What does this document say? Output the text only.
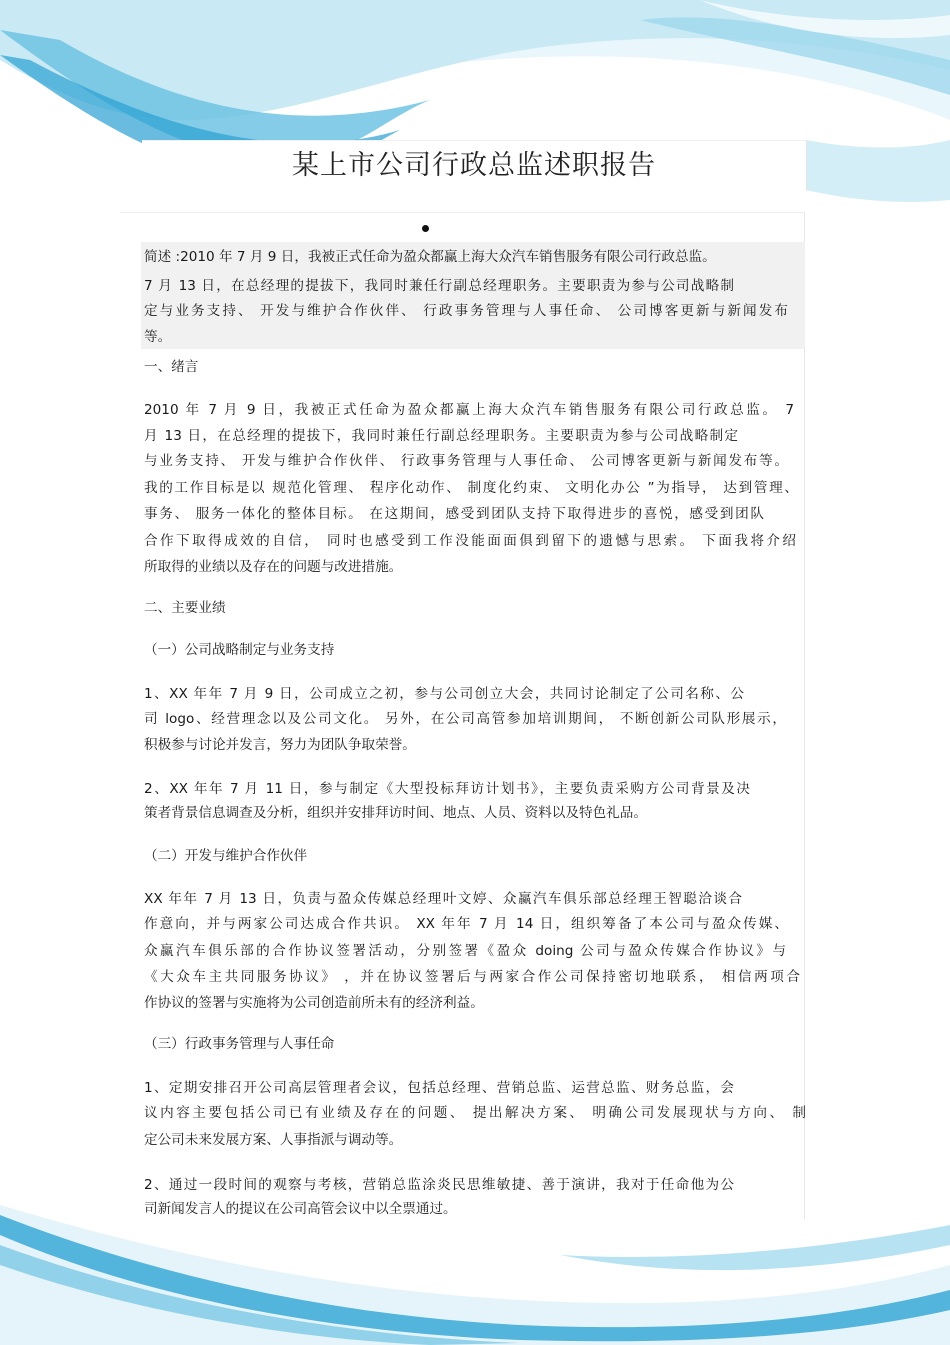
某上市公司行政总监述职报告
简述 :2010 年 7 月 9 日，我被正式任命为盈众都赢上海大众汽车销售服务有限公司行政总监。
7 月 13 日，在总经理的提拔下，我同时兼任行副总经理职务。主要职责为参与公司战略制
定与业务支持、 开发与维护合作伙伴、 行政事务管理与人事任命、 公司博客更新与新闻发布
等。
一、绪言
2010 年 7 月 9 日，我被正式任命为盈众都赢上海大众汽车销售服务有限公司行政总监。 7
月 13 日，在总经理的提拔下，我同时兼任行副总经理职务。主要职责为参与公司战略制定
与业务支持、 开发与维护合作伙伴、 行政事务管理与人事任命、 公司博客更新与新闻发布等。
我的工作目标是以 规范化管理、 程序化动作、 制度化约束、 文明化办公 ”为指导， 达到管理、
事务、 服务一体化的整体目标。 在这期间，感受到团队支持下取得进步的喜悦，感受到团队
合作下取得成效的自信， 同时也感受到工作没能面面俱到留下的遗憾与思索。 下面我将介绍
所取得的业绩以及存在的问题与改进措施。
二、主要业绩
（一）公司战略制定与业务支持
1、XX 年年 7 月 9 日，公司成立之初，参与公司创立大会，共同讨论制定了公司名称、公
司 logo、经营理念以及公司文化。 另外，在公司高管参加培训期间， 不断创新公司队形展示，
积极参与讨论并发言，努力为团队争取荣誉。
2、XX 年年 7 月 11 日，参与制定《大型投标拜访计划书》，主要负责采购方公司背景及决
策者背景信息调查及分析，组织并安排拜访时间、地点、人员、资料以及特色礼品。
（二）开发与维护合作伙伴
XX 年年 7 月 13 日，负责与盈众传媒总经理叶文婷、众赢汽车俱乐部总经理王智聪洽谈合
作意向，并与两家公司达成合作共识。 XX 年年 7 月 14 日，组织筹备了本公司与盈众传媒、
众赢汽车俱乐部的合作协议签署活动，分别签署《盈众 doing 公司与盈众传媒合作协议》与
《大众车主共同服务协议》 ，并在协议签署后与两家合作公司保持密切地联系， 相信两项合
作协议的签署与实施将为公司创造前所未有的经济利益。
（三）行政事务管理与人事任命
1、定期安排召开公司高层管理者会议，包括总经理、营销总监、运营总监、财务总监，会
议内容主要包括公司已有业绩及存在的问题、 提出解决方案、 明确公司发展现状与方向、 制
定公司未来发展方案、人事指派与调动等。
2、通过一段时间的观察与考核，营销总监涂炎民思维敏捷、善于演讲，我对于任命他为公
司新闻发言人的提议在公司高管会议中以全票通过。
